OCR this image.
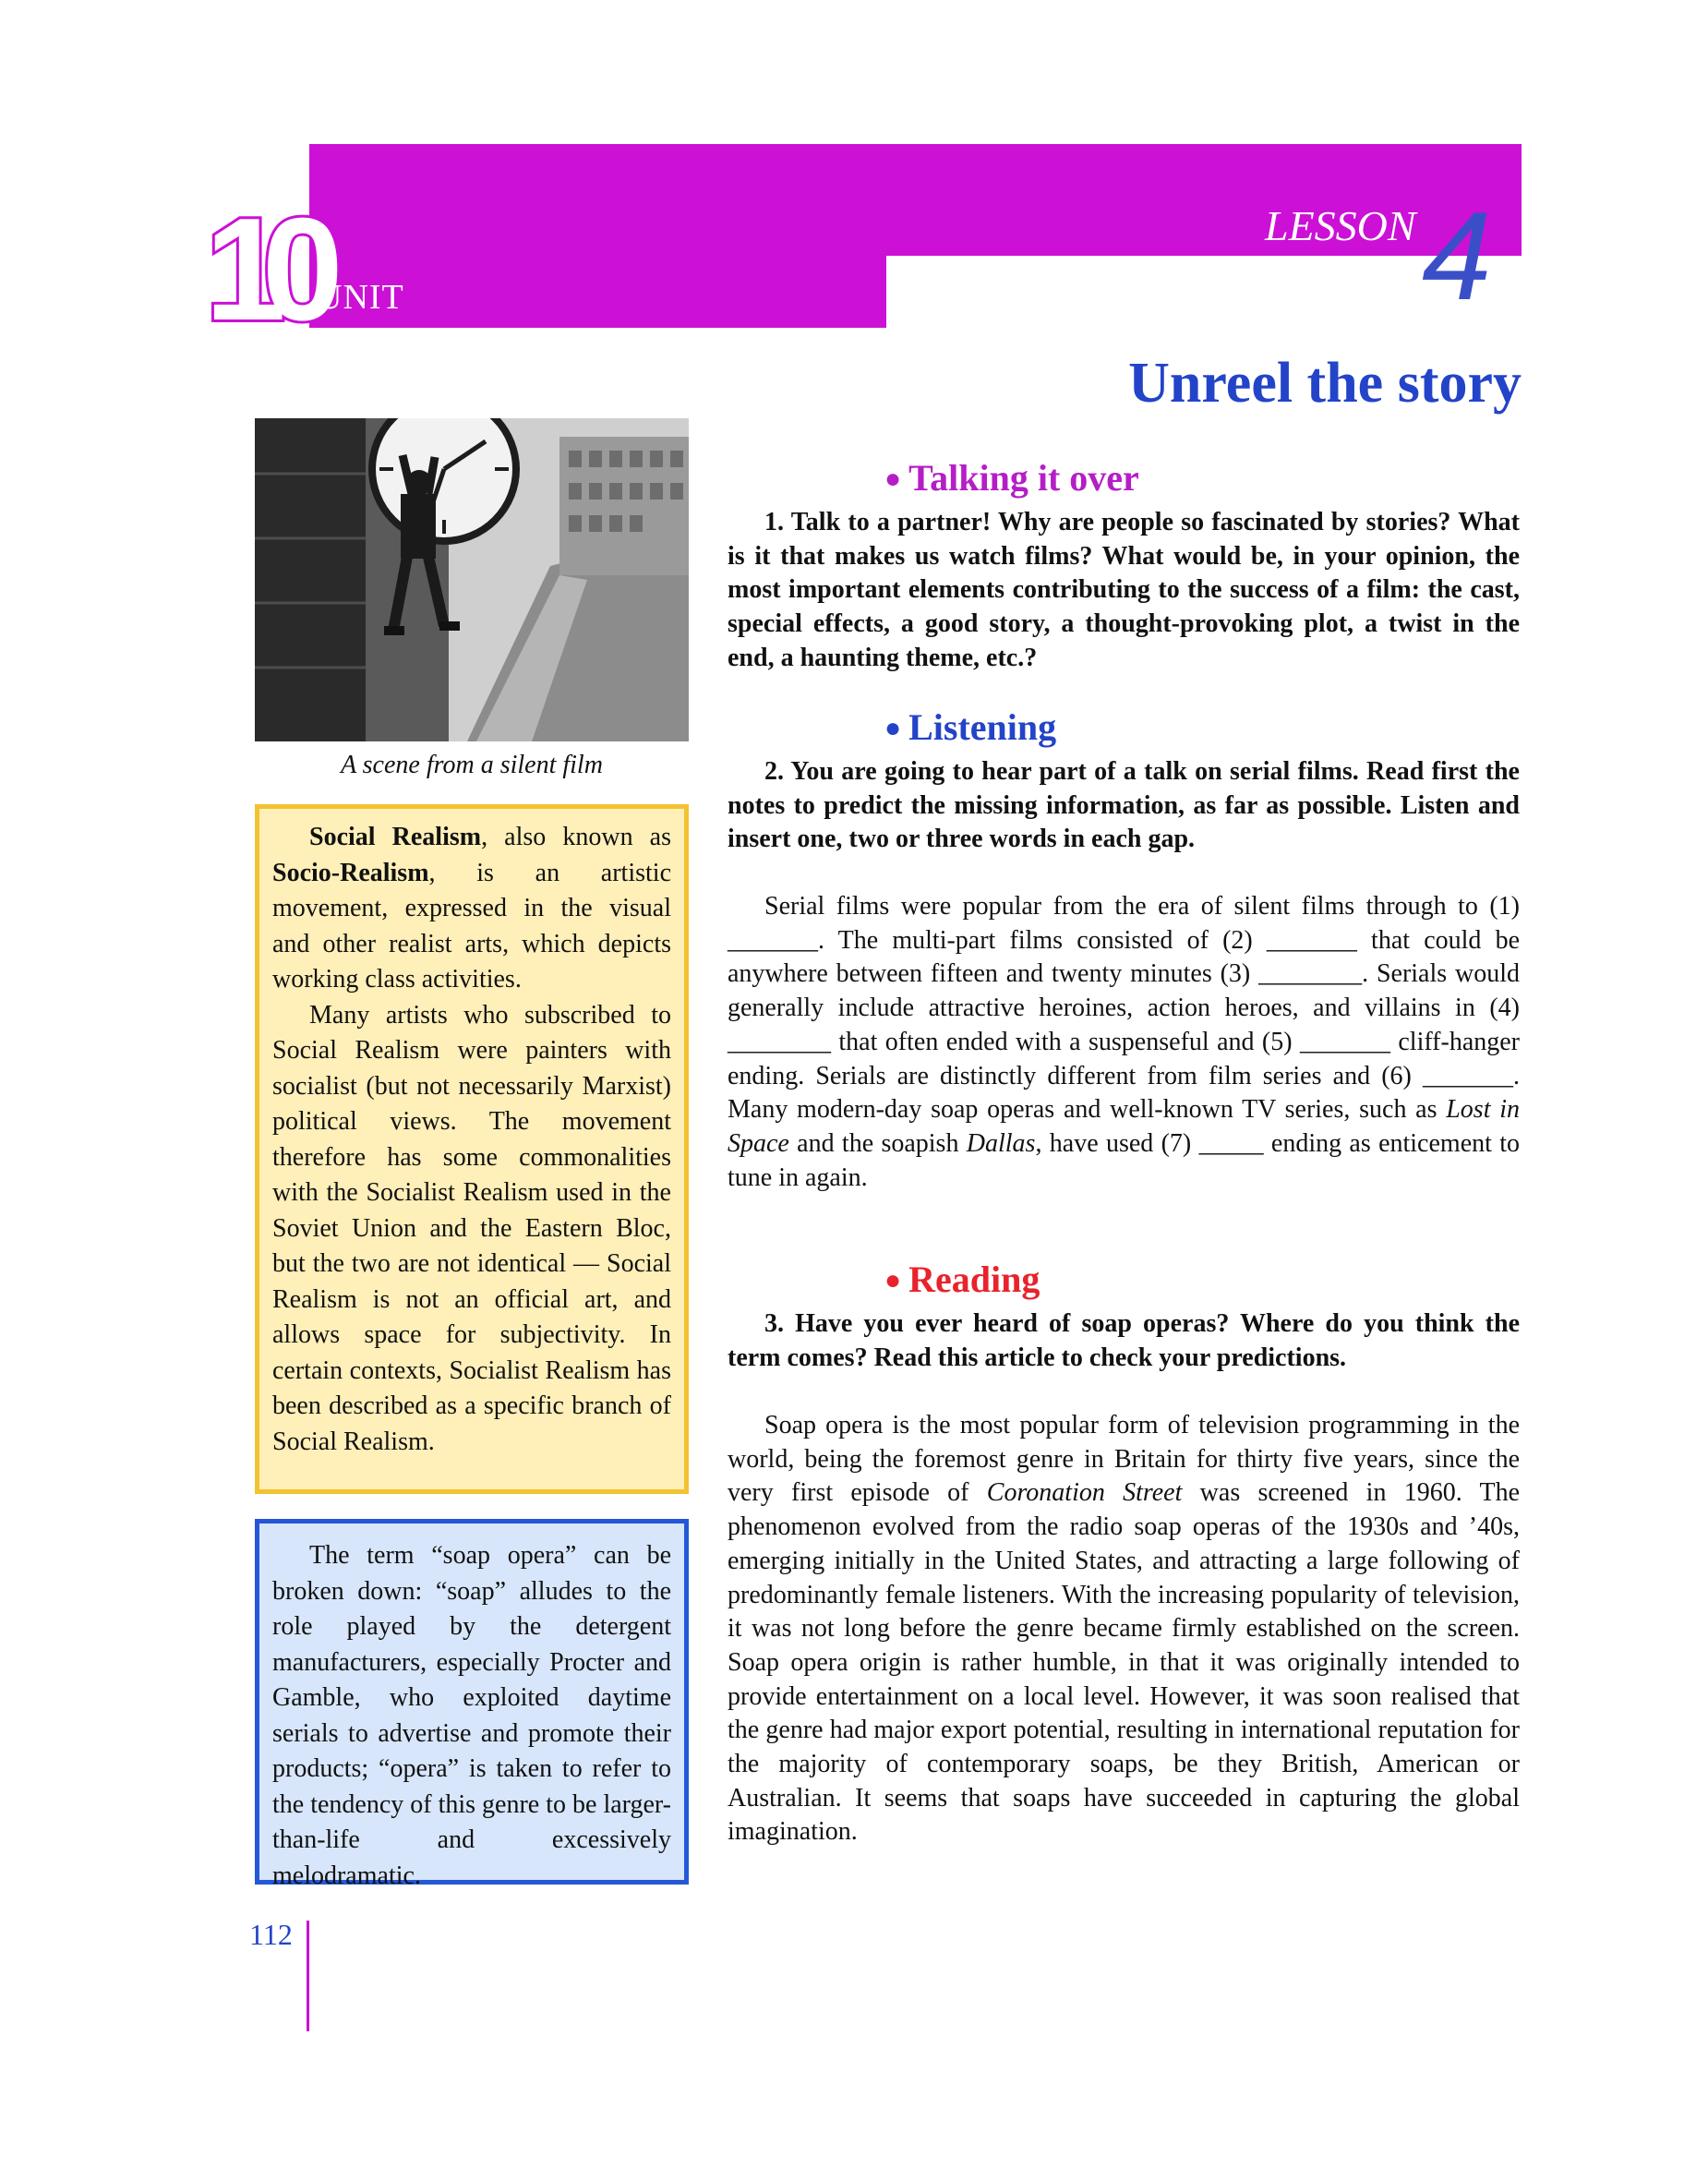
10
UNIT
LESSON 4
Unreel the story
A scene from a silent film

Social Realism, also known as Socio-Realism, is an artistic movement, expressed in the visual and other realist arts, which depicts working class activities.

Many artists who subscribed to Social Realism were painters with socialist (but not necessarily Marxist) political views. The movement therefore has some commonalities with the Socialist Realism used in the Soviet Union and the Eastern Bloc, but the two are not identical — Social Realism is not an official art, and allows space for subjectivity. In certain contexts, Socialist Realism has been described as a specific branch of Social Realism.

The term “soap opera” can be broken down: “soap” alludes to the role played by the detergent manufacturers, especially Procter and Gamble, who exploited daytime serials to advertise and promote their products; “opera” is taken to refer to the tendency of this genre to be larger-than-life and excessively melodramatic.

112
● Talking it over

1. Talk to a partner! Why are people so fascinated by stories? What is it that makes us watch films? What would be, in your opinion, the most important elements contributing to the success of a film: the cast, special effects, a good story, a thought-provoking plot, a twist in the end, a haunting theme, etc.?

● Listening

2. You are going to hear part of a talk on serial films. Read first the notes to predict the missing information, as far as possible. Listen and insert one, two or three words in each gap.

Serial films were popular from the era of silent films through to (1) _______. The multi-part films consisted of (2) _______ that could be anywhere between fifteen and twenty minutes (3) ________. Serials would generally include attractive heroines, action heroes, and villains in (4) ________ that often ended with a suspenseful and (5) _______ cliff-hanger ending. Serials are distinctly different from film series and (6) _______. Many modern-day soap operas and well-known TV series, such as Lost in Space and the soapish Dallas, have used (7) _____ ending as enticement to tune in again.

● Reading

3. Have you ever heard of soap operas? Where do you think the term comes? Read this article to check your predictions.

Soap opera is the most popular form of television programming in the world, being the foremost genre in Britain for thirty five years, since the very first episode of Coronation Street was screened in 1960. The phenomenon evolved from the radio soap operas of the 1930s and ’40s, emerging initially in the United States, and attracting a large following of predominantly female listeners. With the increasing popularity of television, it was not long before the genre became firmly established on the screen. Soap opera origin is rather humble, in that it was originally intended to provide entertainment on a local level. However, it was soon realised that the genre had major export potential, resulting in international reputation for the majority of contemporary soaps, be they British, American or Australian. It seems that soaps have succeeded in capturing the global imagination.
